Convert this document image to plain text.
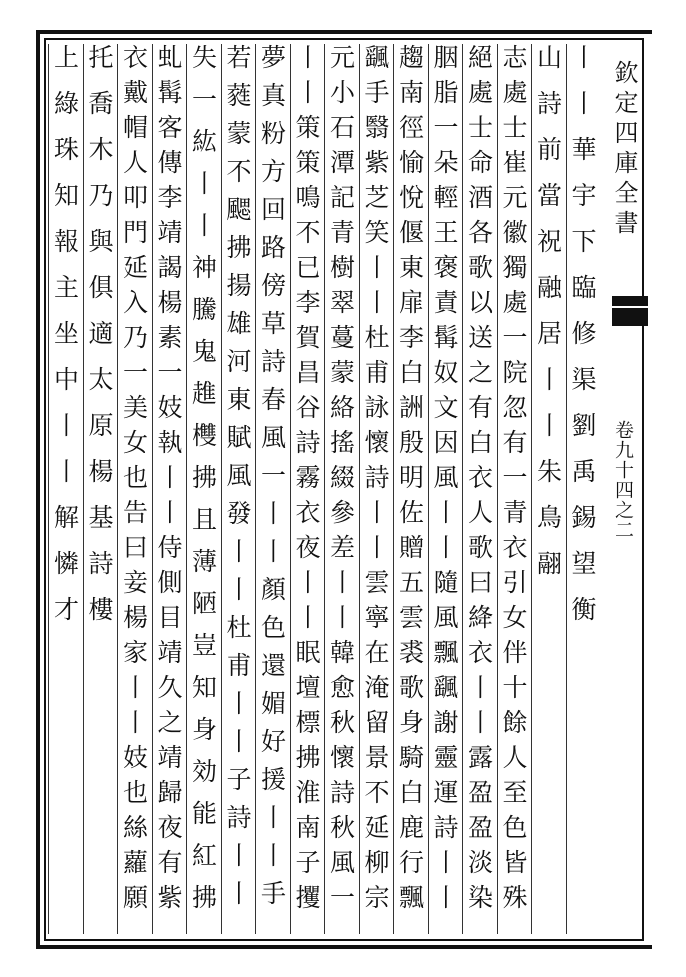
欽定四庫全書
卷九十四之二
丨丨華宇下臨修渠劉禹錫望衡
山詩前當祝融居丨丨朱鳥翮
志處士崔元徽獨處一院忽有一青衣引女伴十餘人至色皆殊
絕處士命酒各歌以送之有白衣人歌曰絳衣丨丨露盈盈淡染
胭脂一朵輕王褒責髯奴文因風丨丨隨風飄颻謝靈運詩丨丨
趨南徑愉悅偃東扉李白詶殷明佐贈五雲裘歌身騎白鹿行飄
颻手翳紫芝笑丨丨杜甫詠懷詩丨丨雲寧在淹留景不延柳宗
元小石潭記青樹翠蔓蒙絡搖綴參差丨丨韓愈秋懷詩秋風一
丨丨策策鳴不已李賀昌谷詩霧衣夜丨丨眠壇標拂淮南子攫
夢真粉方回路傍草詩春風一丨丨顏色還媚好援丨丨手
若蕤蒙不颸拂揚雄河東賦風發丨丨杜甫丨丨子詩丨丨
失一紘丨丨神騰鬼趡欆拂且薄陋豈知身効能紅拂
虬髯客傳李靖謁楊素一妓執丨丨侍側目靖久之靖歸夜有紫
衣戴帽人叩門延入乃一美女也告曰妾楊家丨丨妓也絲蘿願
托喬木乃與俱適太原楊基詩樓
上綠珠知報主坐中丨丨解憐才
